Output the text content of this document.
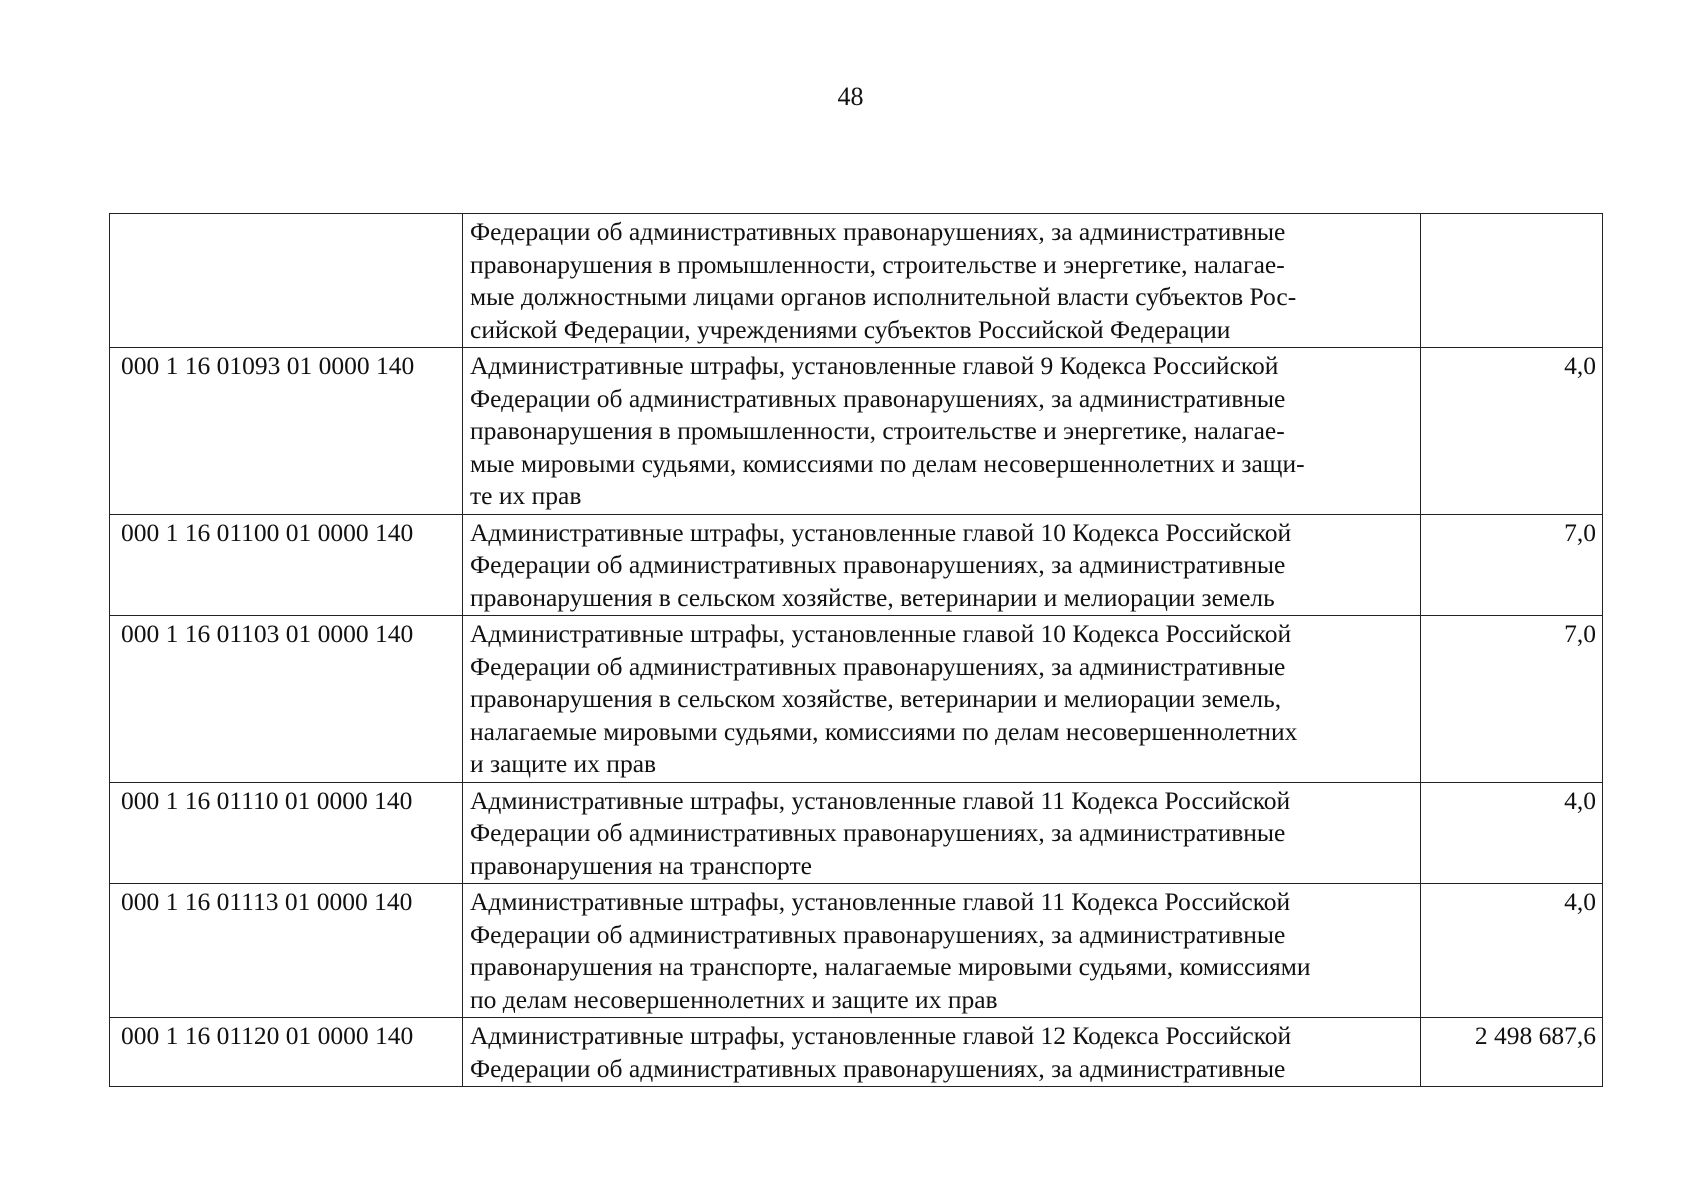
48
	Федерации об административных правонарушениях, за административные
правонарушения в промышленности, строительстве и энергетике, налагае-
мые должностными лицами органов исполнительной власти субъектов Рос-
сийской Федерации, учреждениями субъектов Российской Федерации	
000 1 16 01093 01 0000 140	Административные штрафы, установленные главой 9 Кодекса Российской
Федерации об административных правонарушениях, за административные
правонарушения в промышленности, строительстве и энергетике, налагае-
мые мировыми судьями, комиссиями по делам несовершеннолетних и защи-
те их прав	4,0
000 1 16 01100 01 0000 140	Административные штрафы, установленные главой 10 Кодекса Российской
Федерации об административных правонарушениях, за административные
правонарушения в сельском хозяйстве, ветеринарии и мелиорации земель	7,0
000 1 16 01103 01 0000 140	Административные штрафы, установленные главой 10 Кодекса Российской
Федерации об административных правонарушениях, за административные
правонарушения в сельском хозяйстве, ветеринарии и мелиорации земель,
налагаемые мировыми судьями, комиссиями по делам несовершеннолетних
и защите их прав	7,0
000 1 16 01110 01 0000 140	Административные штрафы, установленные главой 11 Кодекса Российской
Федерации об административных правонарушениях, за административные
правонарушения на транспорте	4,0
000 1 16 01113 01 0000 140	Административные штрафы, установленные главой 11 Кодекса Российской
Федерации об административных правонарушениях, за административные
правонарушения на транспорте, налагаемые мировыми судьями, комиссиями
по делам несовершеннолетних и защите их прав	4,0
000 1 16 01120 01 0000 140	Административные штрафы, установленные главой 12 Кодекса Российской
Федерации об административных правонарушениях, за административные	2 498 687,6
